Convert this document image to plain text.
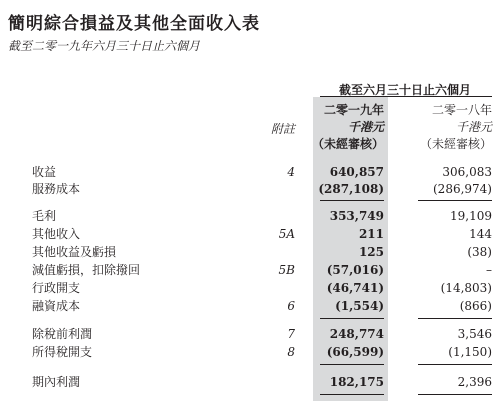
簡明綜合損益及其他全面收入表
截至二零一九年六月三十日止六個月
截至六月三十日止六個月
二零一九年
千港元
（未經審核）
二零一八年
千港元
（未經審核）
附註
收益	4	640,857	306,083
服務成本	(287,108)	(286,974)
毛利	353,749	19,109
其他收入	5A	211	144
其他收益及虧損	125	(38)
減值虧損，扣除撥回	5B	(57,016)	–
行政開支	(46,741)	(14,803)
融資成本	6	(1,554)	(866)
除稅前利潤	7	248,774	3,546
所得稅開支	8	(66,599)	(1,150)
期內利潤	182,175	2,396
